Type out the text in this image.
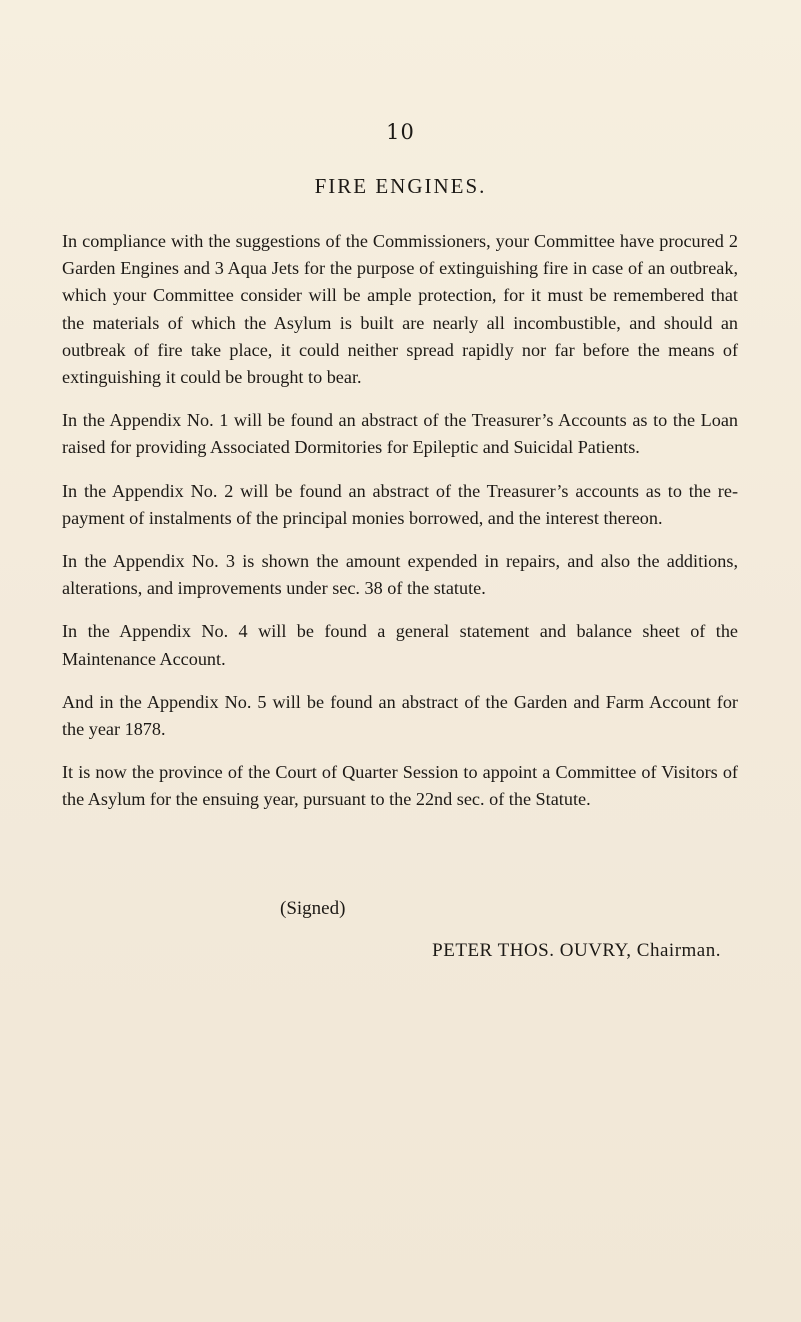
10
FIRE ENGINES.

In compliance with the suggestions of the Commissioners, your Committee have procured 2 Garden Engines and 3 Aqua Jets for the purpose of extinguishing fire in case of an outbreak, which your Committee consider will be ample protection, for it must be remembered that the materials of which the Asylum is built are nearly all incombustible, and should an outbreak of fire take place, it could neither spread rapidly nor far before the means of extinguishing it could be brought to bear.

In the Appendix No. 1 will be found an abstract of the Treasurer’s Accounts as to the Loan raised for providing Associated Dormitories for Epileptic and Suicidal Patients.

In the Appendix No. 2 will be found an abstract of the Treasurer’s accounts as to the re-payment of instalments of the principal monies borrowed, and the interest thereon.

In the Appendix No. 3 is shown the amount expended in repairs, and also the additions, alterations, and improvements under sec. 38 of the statute.

In the Appendix No. 4 will be found a general statement and balance sheet of the Maintenance Account.

And in the Appendix No. 5 will be found an abstract of the Garden and Farm Account for the year 1878.

It is now the province of the Court of Quarter Session to appoint a Committee of Visitors of the Asylum for the ensuing year, pursuant to the 22nd sec. of the Statute.

(Signed)
PETER THOS. OUVRY, Chairman.
